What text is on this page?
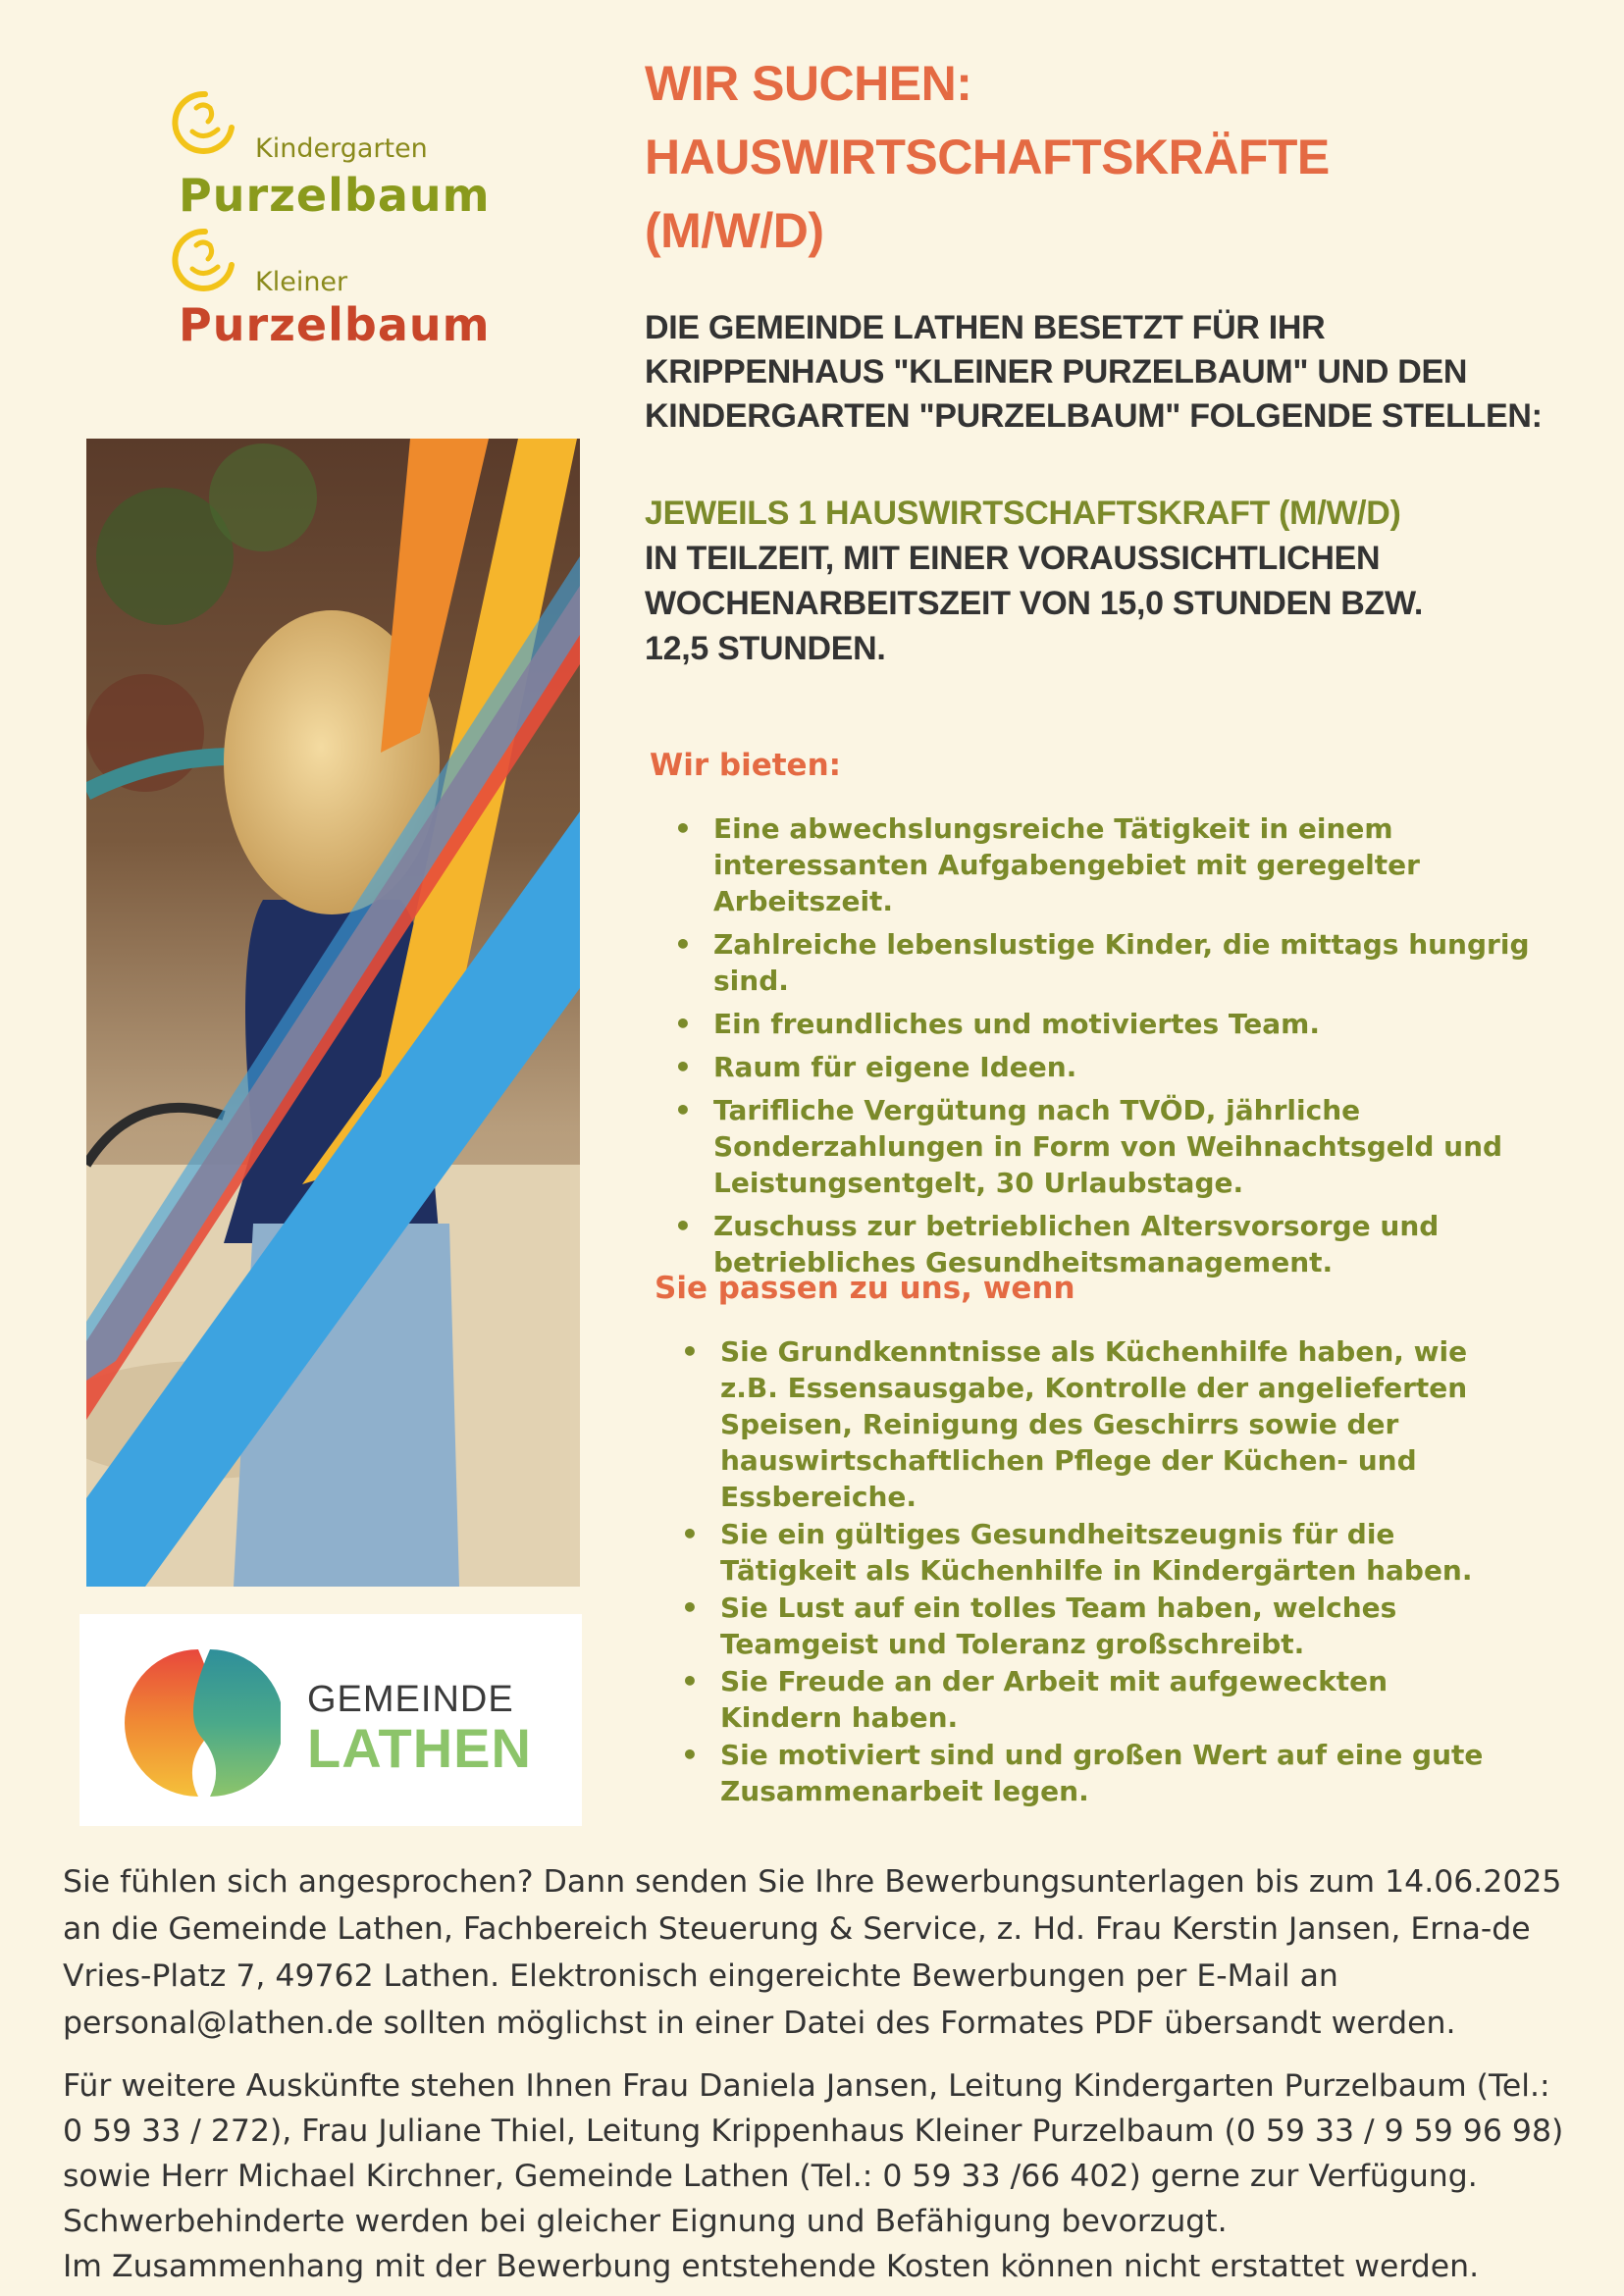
Kindergarten
Purzelbaum
Kleiner
Purzelbaum
WIR SUCHEN:
HAUSWIRTSCHAFTSKRÄFTE
(M/W/D)
DIE GEMEINDE LATHEN BESETZT FÜR IHR
KRIPPENHAUS "KLEINER PURZELBAUM" UND DEN
KINDERGARTEN "PURZELBAUM" FOLGENDE STELLEN:
JEWEILS 1 HAUSWIRTSCHAFTSKRAFT (M/W/D)
IN TEILZEIT, MIT EINER VORAUSSICHTLICHEN
WOCHENARBEITSZEIT VON 15,0 STUNDEN BZW.
12,5 STUNDEN.
Wir bieten:
• Eine abwechslungsreiche Tätigkeit in einem interessanten Aufgabengebiet mit geregelter Arbeitszeit.
• Zahlreiche lebenslustige Kinder, die mittags hungrig sind.
• Ein freundliches und motiviertes Team.
• Raum für eigene Ideen.
• Tarifliche Vergütung nach TVÖD, jährliche Sonderzahlungen in Form von Weihnachtsgeld und Leistungsentgelt, 30 Urlaubstage.
• Zuschuss zur betrieblichen Altersvorsorge und betriebliches Gesundheitsmanagement.
Sie passen zu uns, wenn
• Sie Grundkenntnisse als Küchenhilfe haben, wie z.B. Essensausgabe, Kontrolle der angelieferten Speisen, Reinigung des Geschirrs sowie der hauswirtschaftlichen Pflege der Küchen- und Essbereiche.
• Sie ein gültiges Gesundheitszeugnis für die Tätigkeit als Küchenhilfe in Kindergärten haben.
• Sie Lust auf ein tolles Team haben, welches Teamgeist und Toleranz großschreibt.
• Sie Freude an der Arbeit mit aufgeweckten Kindern haben.
• Sie motiviert sind und großen Wert auf eine gute Zusammenarbeit legen.
GEMEINDE
LATHEN
Sie fühlen sich angesprochen? Dann senden Sie Ihre Bewerbungsunterlagen bis zum 14.06.2025
an die Gemeinde Lathen, Fachbereich Steuerung & Service, z. Hd. Frau Kerstin Jansen, Erna-de
Vries-Platz 7, 49762 Lathen. Elektronisch eingereichte Bewerbungen per E-Mail an
personal@lathen.de sollten möglichst in einer Datei des Formates PDF übersandt werden.
Für weitere Auskünfte stehen Ihnen Frau Daniela Jansen, Leitung Kindergarten Purzelbaum (Tel.:
0 59 33 / 272), Frau Juliane Thiel, Leitung Krippenhaus Kleiner Purzelbaum (0 59 33 / 9 59 96 98)
sowie Herr Michael Kirchner, Gemeinde Lathen (Tel.: 0 59 33 /66 402) gerne zur Verfügung.
Schwerbehinderte werden bei gleicher Eignung und Befähigung bevorzugt.
Im Zusammenhang mit der Bewerbung entstehende Kosten können nicht erstattet werden.
